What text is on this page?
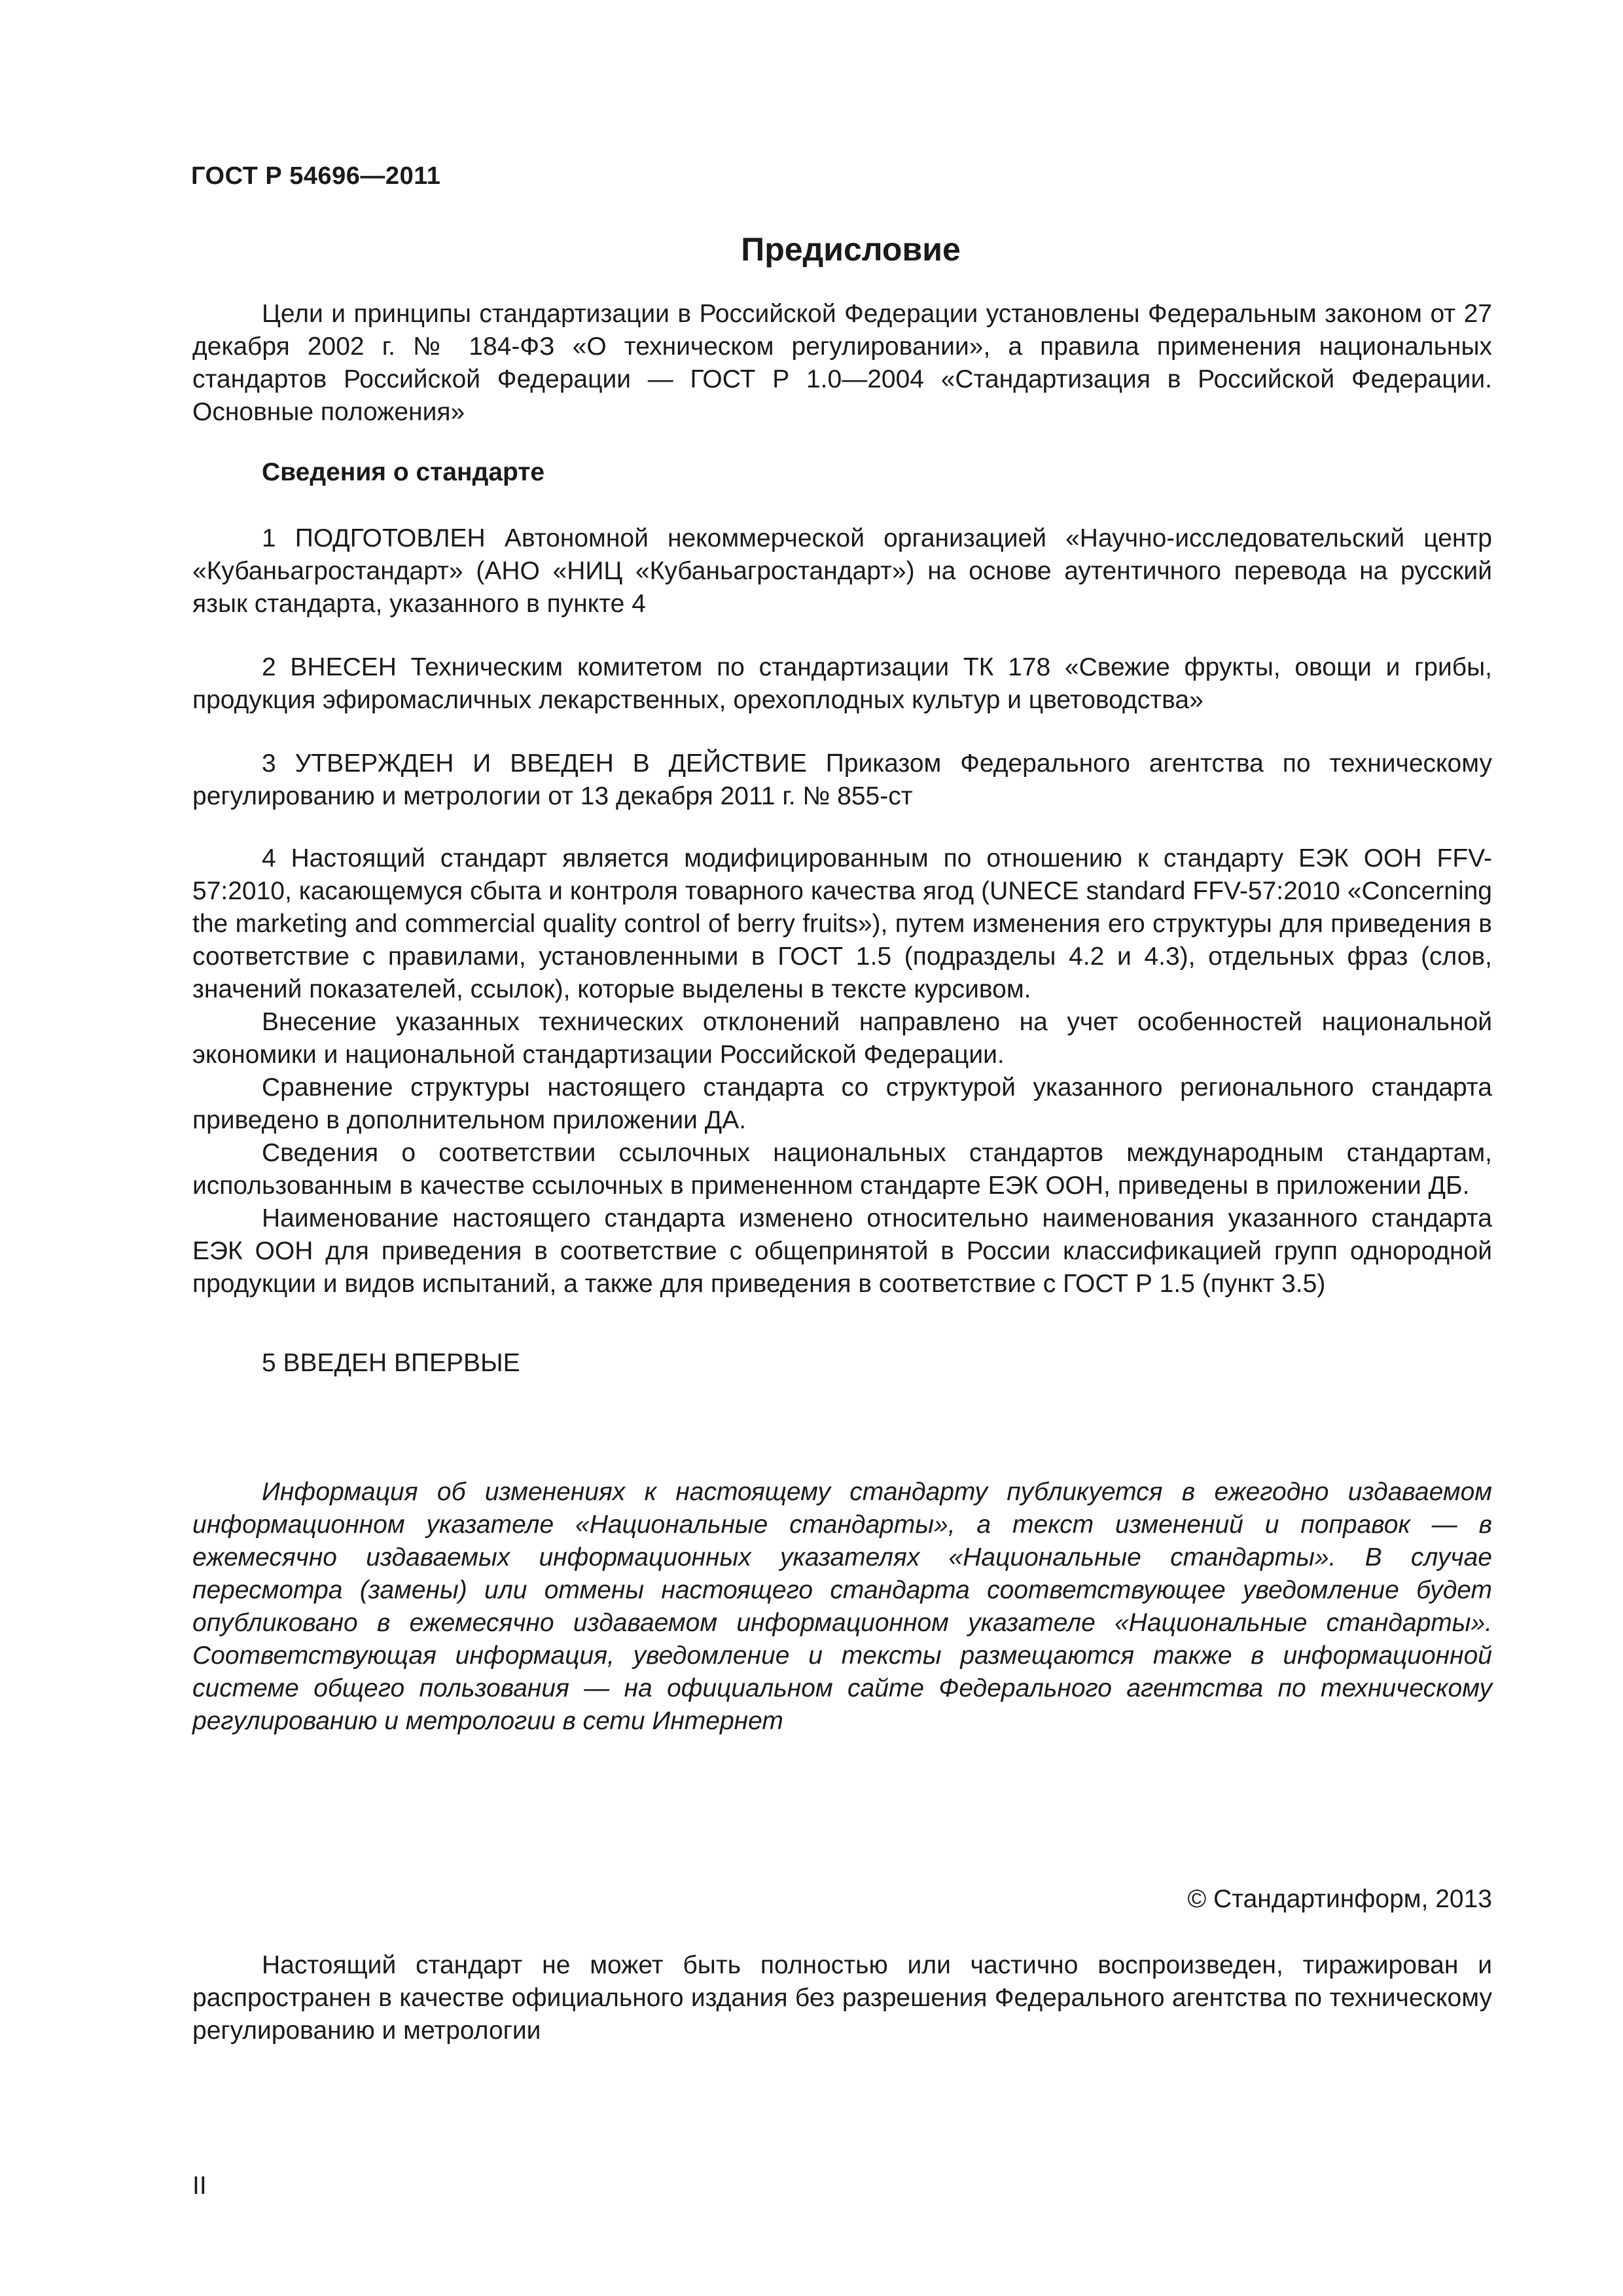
ГОСТ Р 54696—2011
Предисловие

Цели и принципы стандартизации в Российской Федерации установлены Федеральным законом от 27 декабря 2002 г. № 184-ФЗ «О техническом регулировании», а правила применения национальных стандартов Российской Федерации — ГОСТ Р 1.0—2004 «Стандартизация в Российской Федерации. Основные положения»

Сведения о стандарте

1 ПОДГОТОВЛЕН Автономной некоммерческой организацией «Научно-исследовательский центр «Кубаньагростандарт» (АНО «НИЦ «Кубаньагростандарт») на основе аутентичного перевода на русский язык стандарта, указанного в пункте 4

2 ВНЕСЕН Техническим комитетом по стандартизации ТК 178 «Свежие фрукты, овощи и грибы, продукция эфиромасличных лекарственных, орехоплодных культур и цветоводства»

3 УТВЕРЖДЕН И ВВЕДЕН В ДЕЙСТВИЕ Приказом Федерального агентства по техническому регулированию и метрологии от 13 декабря 2011 г. № 855-ст

4 Настоящий стандарт является модифицированным по отношению к стандарту ЕЭК ООН FFV-57:2010, касающемуся сбыта и контроля товарного качества ягод (UNECE standard FFV-57:2010 «Concerning the marketing and commercial quality control of berry fruits»), путем изменения его структуры для приведения в соответствие с правилами, установленными в ГОСТ 1.5 (подразделы 4.2 и 4.3), отдельных фраз (слов, значений показателей, ссылок), которые выделены в тексте курсивом.

Внесение указанных технических отклонений направлено на учет особенностей национальной экономики и национальной стандартизации Российской Федерации.

Сравнение структуры настоящего стандарта со структурой указанного регионального стандарта приведено в дополнительном приложении ДА.

Сведения о соответствии ссылочных национальных стандартов международным стандартам, использованным в качестве ссылочных в примененном стандарте ЕЭК ООН, приведены в приложении ДБ.

Наименование настоящего стандарта изменено относительно наименования указанного стандарта ЕЭК ООН для приведения в соответствие с общепринятой в России классификацией групп однородной продукции и видов испытаний, а также для приведения в соответствие с ГОСТ Р 1.5 (пункт 3.5)

5 ВВЕДЕН ВПЕРВЫЕ

Информация об изменениях к настоящему стандарту публикуется в ежегодно издаваемом информационном указателе «Национальные стандарты», а текст изменений и поправок — в ежемесячно издаваемых информационных указателях «Национальные стандарты». В случае пересмотра (замены) или отмены настоящего стандарта соответствующее уведомление будет опубликовано в ежемесячно издаваемом информационном указателе «Национальные стандарты». Соответствующая информация, уведомление и тексты размещаются также в информационной системе общего пользования — на официальном сайте Федерального агентства по техническому регулированию и метрологии в сети Интернет

© Стандартинформ, 2013

Настоящий стандарт не может быть полностью или частично воспроизведен, тиражирован и распространен в качестве официального издания без разрешения Федерального агентства по техническому регулированию и метрологии

II
